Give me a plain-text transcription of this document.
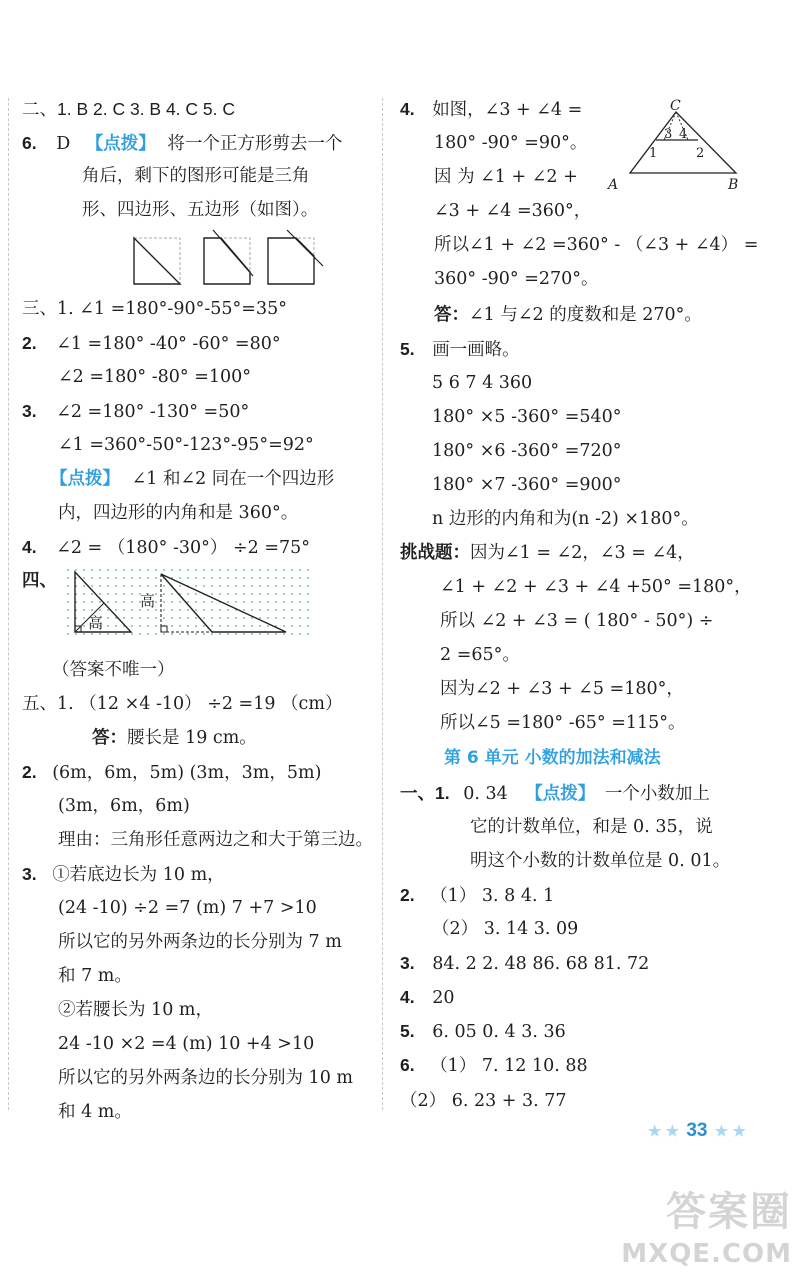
二、1. B 2. C 3. B 4. C 5. C
6. D 【点拨】 将一个正方形剪去一个
角后，剩下的图形可能是三角
形、四边形、五边形（如图）。
三、1. ∠1 =180°-90°-55°=35°
2. ∠1 =180° -40° -60° =80°
∠2 =180° -80° =100°
3. ∠2 =180° -130° =50°
∠1 =360°-50°-123°-95°=92°
【点拨】 ∠1 和∠2 同在一个四边形
内，四边形的内角和是 360°。
4. ∠2 = （180° -30°） ÷2 =75°
四、
高
高
（答案不唯一）
五、1. （12 ×4 -10） ÷2 =19 （cm）
答：腰长是 19 cm。
2. (6m，6m，5m) (3m，3m，5m)
(3m，6m，6m)
理由：三角形任意两边之和大于第三边。
3. ①若底边长为 10 m，
(24 -10) ÷2 =7 (m) 7 +7 >10
所以它的另外两条边的长分别为 7 m
和 7 m。
②若腰长为 10 m，
24 -10 ×2 =4 (m) 10 +4 >10
所以它的另外两条边的长分别为 10 m
和 4 m。
4. 如图，∠3 + ∠4 =
180° -90° =90°。
因 为 ∠1 + ∠2 +
C
A	B
3 4
1	2
∠3 + ∠4 =360°，
所以∠1 + ∠2 =360° - （∠3 + ∠4） =
360° -90° =270°。
答：∠1 与∠2 的度数和是 270°。
5. 画一画略。
5 6 7 4 360
180° ×5 -360° =540°
180° ×6 -360° =720°
180° ×7 -360° =900°
n 边形的内角和为(n -2) ×180°。
挑战题：因为∠1 = ∠2，∠3 = ∠4，
∠1 + ∠2 + ∠3 + ∠4 +50° =180°，
所以 ∠2 + ∠3 = ( 180° - 50°) ÷
2 =65°。
因为∠2 + ∠3 + ∠5 =180°，
所以∠5 =180° -65° =115°。
第 6 单元 小数的加法和减法
一、1. 0. 34 【点拨】 一个小数加上
它的计数单位，和是 0. 35，说
明这个小数的计数单位是 0. 01。
2. （1） 3. 8 4. 1
（2） 3. 14 3. 09
3. 84. 2 2. 48 86. 68 81. 72
4. 20
5. 6. 05 0. 4 3. 36
6. （1） 7. 12 10. 88
（2） 6. 23 + 3. 77
★ ★ 33 ★ ★
答案圈
MXQE.COM
